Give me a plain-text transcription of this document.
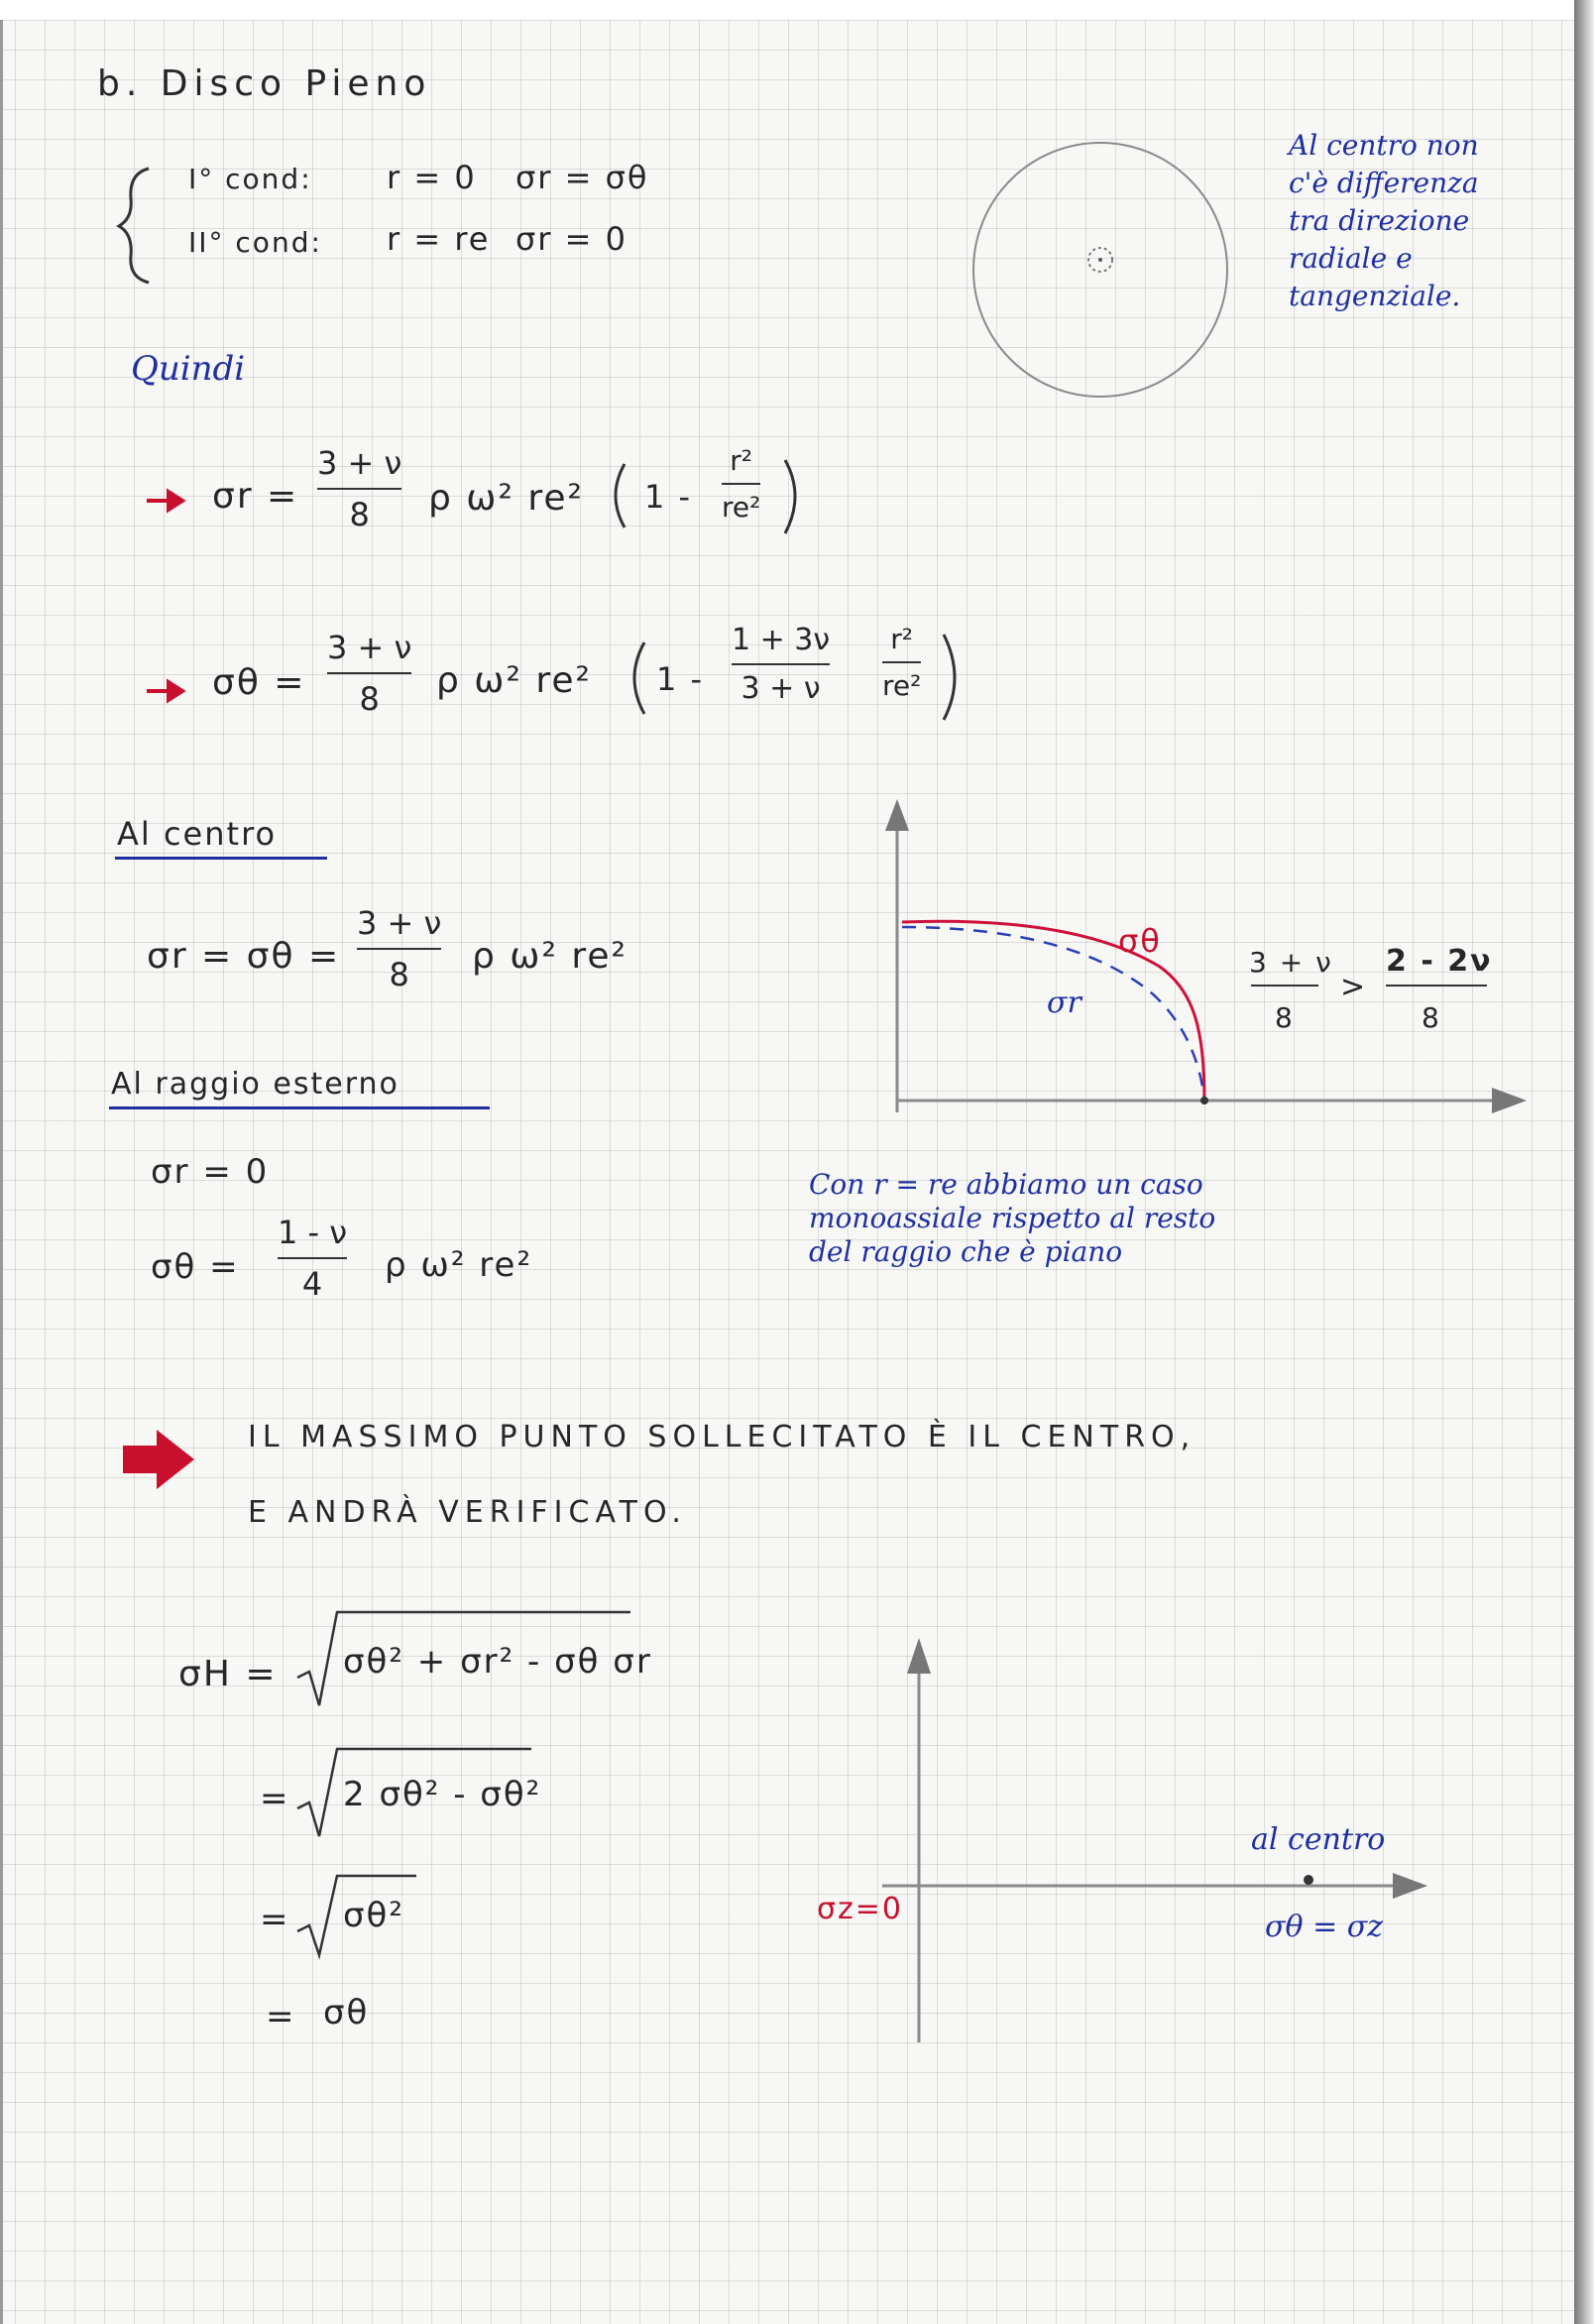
b. Disco Pieno
I° cond: r = 0 σr = σθ
II° cond: r = re σr = 0
Al centro non
c'è differenza
tra direzione
radiale e
tangenziale.
Quindi
σr =
3 + ν
8 ρ ω² re² 1 -
r²
re²
σθ =
3 + ν
8 ρ ω² re² 1 -
1 + 3ν
3 + ν
r²
re²
Al centro
σr = σθ =
3 + ν
8 ρ ω² re²
Al raggio esterno
σr = 0
σθ =
1 - ν
4 ρ ω² re²
σθ
σr
3 + ν
8
>
2 - 2ν
8
Con r = re abbiamo un caso
monoassiale rispetto al resto
del raggio che è piano
IL MASSIMO PUNTO SOLLECITATO È IL CENTRO,
E ANDRÀ VERIFICATO.
σH = σθ² + σr² - σθ σr
= 2 σθ² - σθ²
= σθ²
= σθ
σz=0
al centro
σθ = σz
